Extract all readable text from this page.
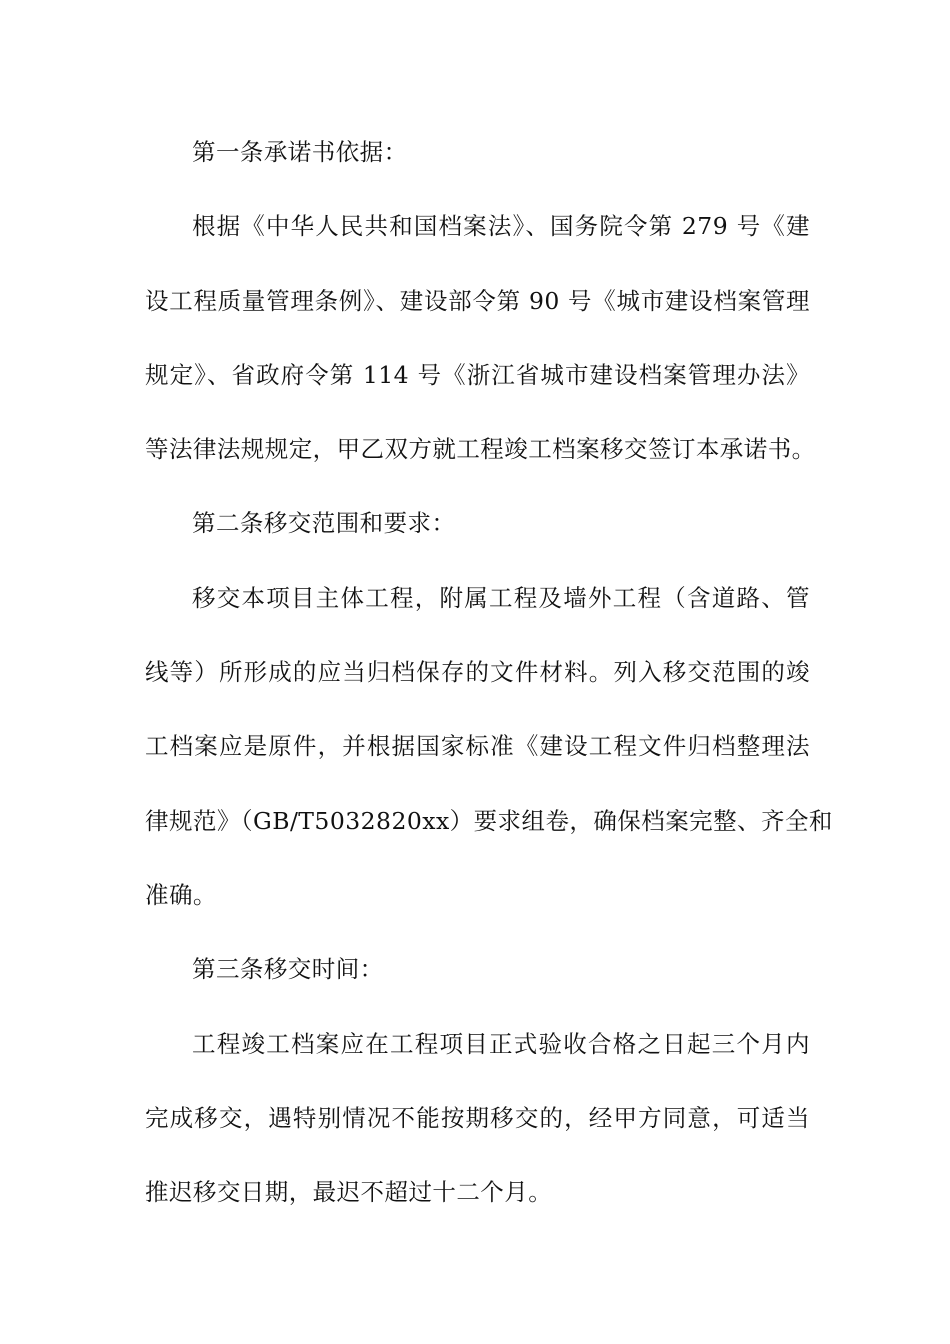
第一条承诺书依据：
根据《中华人民共和国档案法》、国务院令第 279 号《建
设工程质量管理条例》、建设部令第 90 号《城市建设档案管理
规定》、省政府令第 114 号《浙江省城市建设档案管理办法》
等法律法规规定，甲乙双方就工程竣工档案移交签订本承诺书。
第二条移交范围和要求：
移交本项目主体工程，附属工程及墙外工程（含道路、管
线等）所形成的应当归档保存的文件材料。列入移交范围的竣
工档案应是原件，并根据国家标准《建设工程文件归档整理法
律规范》（GB/T5032820xx）要求组卷，确保档案完整、齐全和
准确。
第三条移交时间：
工程竣工档案应在工程项目正式验收合格之日起三个月内
完成移交，遇特别情况不能按期移交的，经甲方同意，可适当
推迟移交日期，最迟不超过十二个月。
